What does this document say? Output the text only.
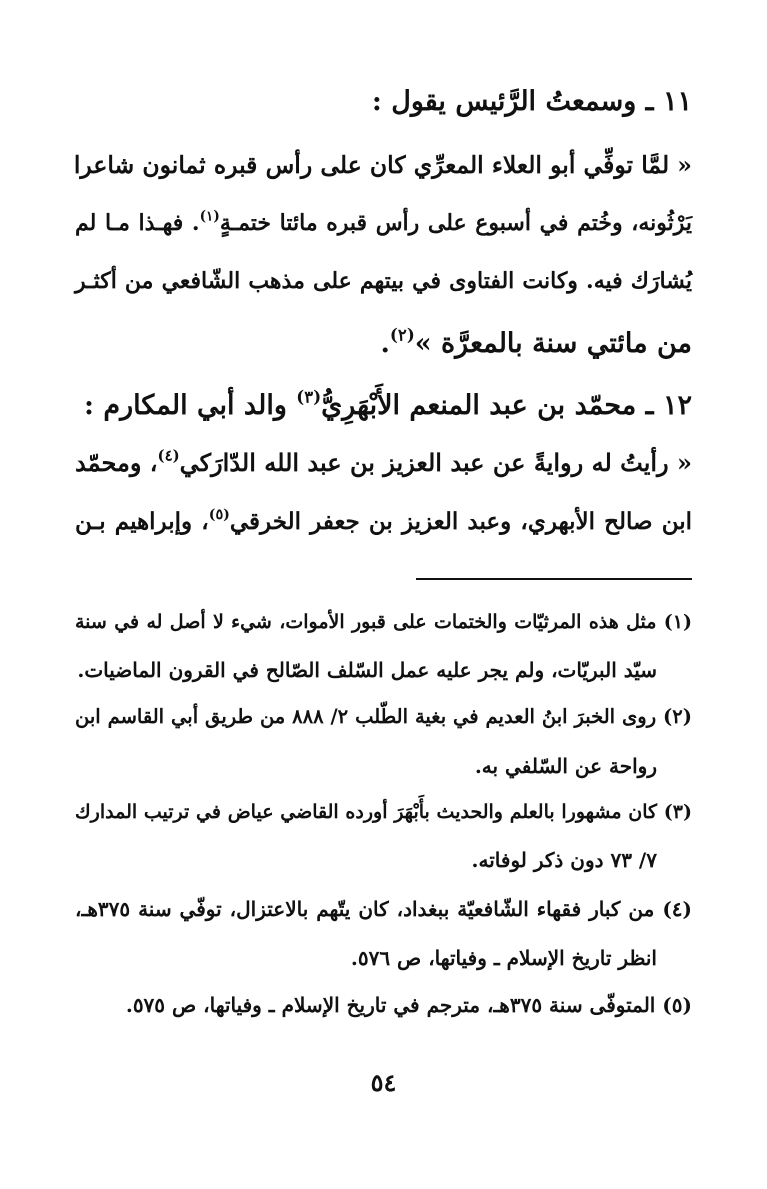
١١ ـ وسمعتُ الرَّئيس يقول :
« لمَّا توفِّي أبو العلاء المعرِّي كان على رأس قبره ثمانون شاعرا
يَرْثُونه، وخُتم في أسبوع على رأس قبره مائتا ختمـةٍ$^{(١)}$. فهـذا مـا لم
يُشارَك فيه. وكانت الفتاوى في بيتهم على مذهب الشّافعي من أكثـر
من مائتي سنة بالمعرَّة »$^{(٢)}$.
١٢ ـ محمّد بن عبد المنعم الأَبْهَرِيُّ$^{(٣)}$ والد أبي المكارم :
« رأيتُ له روايةً عن عبد العزيز بن عبد الله الدّارَكي$^{(٤)}$، ومحمّد
ابن صالح الأبهري، وعبد العزيز بن جعفر الخرقي$^{(٥)}$، وإبراهيم بـن
(١) مثل هذه المرثيّات والختمات على قبور الأموات، شيء لا أصل له في سنة
سيّد البريّات، ولم يجر عليه عمل السّلف الصّالح في القرون الماضيات.
(٢) روى الخبرَ ابنُ العديم في بغية الطّلب ٢/ ٨٨٨ من طريق أبي القاسم ابن
رواحة عن السّلفي به.
(٣) كان مشهورا بالعلم والحديث بأَبْهَرَ أورده القاضي عياض في ترتيب المدارك
٧/ ٧٣ دون ذكر لوفاته.
(٤) من كبار فقهاء الشّافعيّة ببغداد، كان يتّهم بالاعتزال، توفّي سنة ٣٧٥هـ،
انظر تاريخ الإسلام ـ وفياتها، ص ٥٧٦.
(٥) المتوفّى سنة ٣٧٥هـ، مترجم في تاريخ الإسلام ـ وفياتها، ص ٥٧٥.
٥٤
